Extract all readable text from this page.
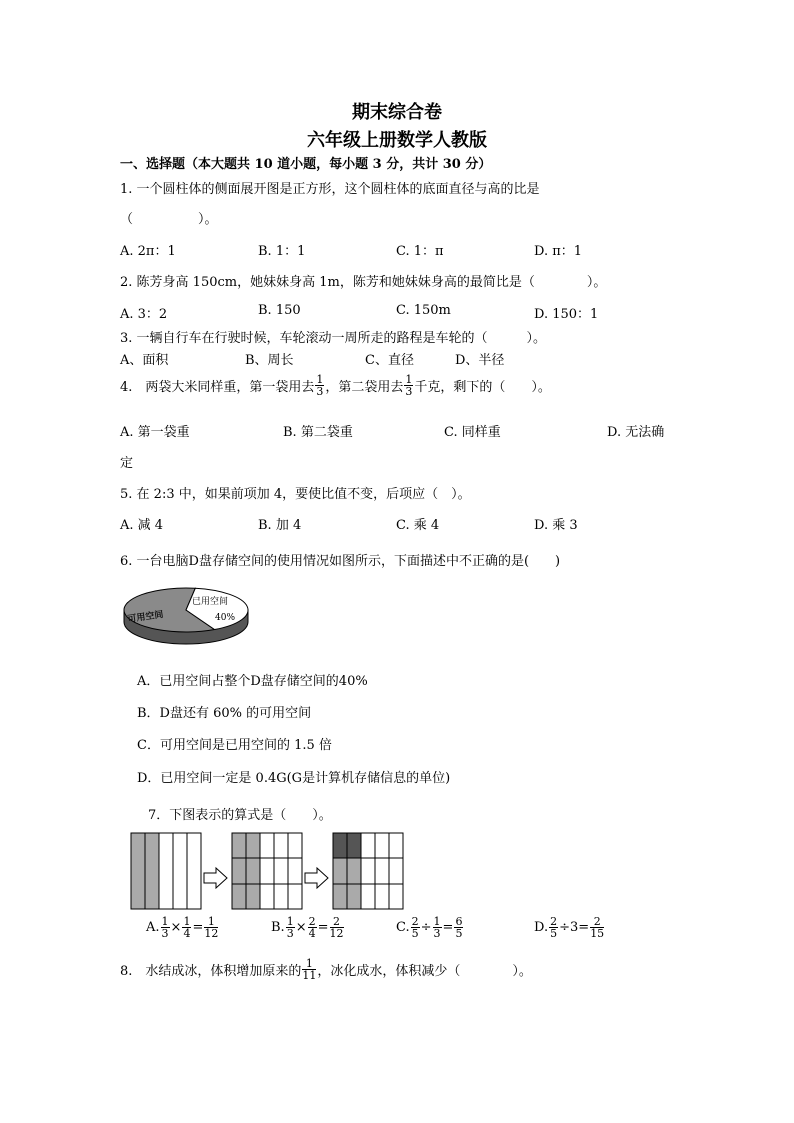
期末综合卷
六年级上册数学人教版
一、选择题（本大题共 10 道小题，每小题 3 分，共计 30 分）
1. 一个圆柱体的侧面展开图是正方形，这个圆柱体的底面直径与高的比是
（　　　　　）。
A. 2π：1	B. 1：1	C. 1：π	D. π：1
2. 陈芳身高 150cm，她妹妹身高 1m，陈芳和她妹妹身高的最简比是（　　　　）。
A. 3：2	B. 150	C. 150m	D. 150：1
3. 一辆自行车在行驶时候，车轮滚动一周所走的路程是车轮的（　　　）。
A、面积	B、周长	C、直径	D、半径
4.　两袋大米同样重，第一袋用去 $\frac{1}{3}$ ，第二袋用去 $\frac{1}{3}$ 千克，剩下的（　　）。
A. 第一袋重	B. 第二袋重	C. 同样重	D. 无法确
定
5. 在 2:3 中，如果前项加 4，要使比值不变，后项应（　）。
A. 减 4	B. 加 4	C. 乘 4	D. 乘 3
6. 一台电脑D盘存储空间的使用情况如图所示，下面描述中不正确的是(　　)
已用空间
40%
可用空间
A．已用空间占整个D盘存储空间的40%
B．D盘还有 60% 的可用空间
C．可用空间是已用空间的 1.5 倍
D．已用空间一定是 0.4G(G是计算机存储信息的单位)
7．下图表示的算式是（　　）。
A. $\frac{1}{3} \times \frac{1}{4} = \frac{1}{12}$	B. $\frac{1}{3} \times \frac{2}{4} = \frac{2}{12}$	C. $\frac{2}{5} \div \frac{1}{3} = \frac{6}{5}$	D. $\frac{2}{5} \div 3 = \frac{2}{15}$
8.　水结成冰，体积增加原来的 $\frac{1}{11}$ ，冰化成水，体积减少（　　　　）。
